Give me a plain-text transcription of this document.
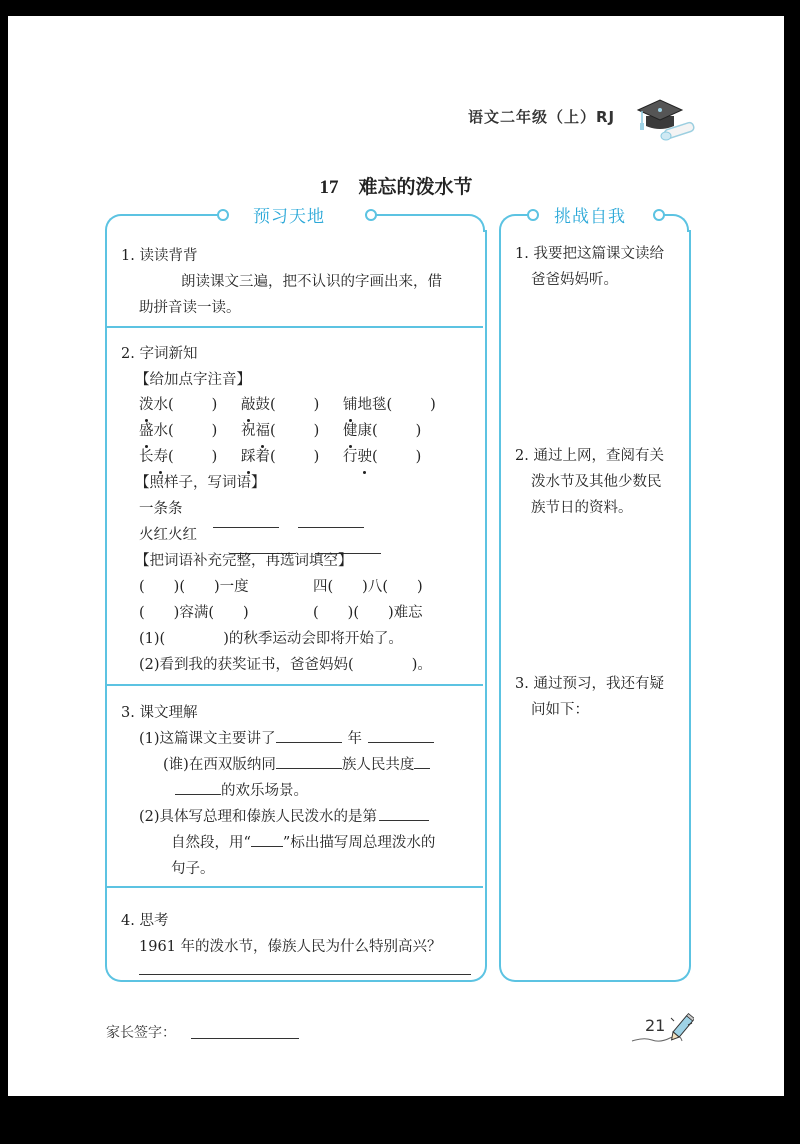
语文二年级（上）RJ
17 难忘的泼水节
预习天地
1. 读读背背
朗读课文三遍，把不认识的字画出来，借
助拼音读一读。
2. 字词新知
【给加点字注音】
泼水(	) 敲鼓(	) 铺地毯(	)
盛水(	) 祝福(	) 健康(	)
长寿(	) 踩着(	) 行驶(	)
【照样子，写词语】
一条条
火红火红
【把词语补充完整，再选词填空】
(　　)(　　)一度	四(　　)八(　　)
(　　)容满(　　)	(　　)(　　)难忘
(1)(　　　　)的秋季运动会即将开始了。
(2)看到我的获奖证书，爸爸妈妈(　　　　)。
3. 课文理解
(1)这篇课文主要讲了	年
(谁)在西双版纳同	族人民共度
的欢乐场景。
(2)具体写总理和傣族人民泼水的是第
自然段，用“ ”标出描写周总理泼水的
句子。
4. 思考
1961 年的泼水节，傣族人民为什么特别高兴？
挑战自我
1. 我要把这篇课文读给
爸爸妈妈听。
2. 通过上网，查阅有关
泼水节及其他少数民
族节日的资料。
3. 通过预习，我还有疑
问如下：
家长签字：	21
